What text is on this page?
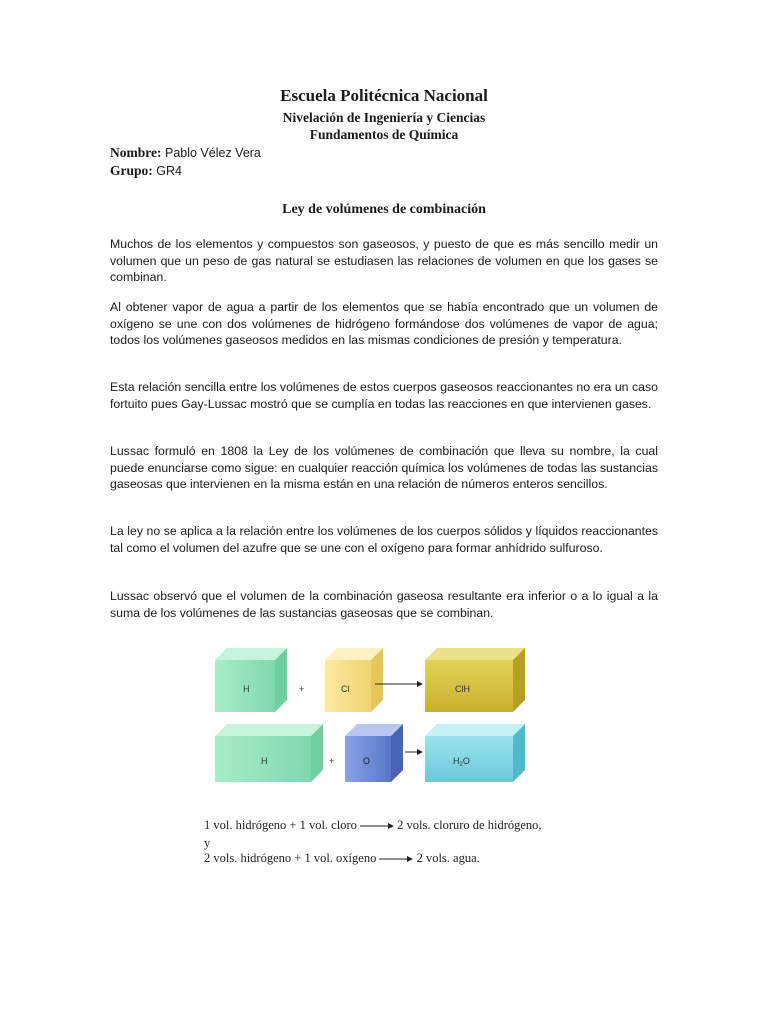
Escuela Politécnica Nacional
Nivelación de Ingeniería y Ciencias
Fundamentos de Química
Nombre: Pablo Vélez Vera
Grupo: GR4
Ley de volúmenes de combinación

Muchos de los elementos y compuestos son gaseosos, y puesto de que es más sencillo medir un volumen que un peso de gas natural se estudiasen las relaciones de volumen en que los gases se combinan.

Al obtener vapor de agua a partir de los elementos que se había encontrado que un volumen de oxígeno se une con dos volúmenes de hidrógeno formándose dos volúmenes de vapor de agua; todos los volúmenes gaseosos medidos en las mismas condiciones de presión y temperatura.

Esta relación sencilla entre los volúmenes de estos cuerpos gaseosos reaccionantes no era un caso fortuito pues Gay-Lussac mostró que se cumplía en todas las reacciones en que intervienen gases.

Lussac formuló en 1808 la Ley de los volúmenes de combinación que lleva su nombre, la cual puede enunciarse como sigue: en cualquier reacción química los volúmenes de todas las sustancias gaseosas que intervienen en la misma están en una relación de números enteros sencillos.

La ley no se aplica a la relación entre los volúmenes de los cuerpos sólidos y líquidos reaccionantes tal como el volumen del azufre que se une con el oxígeno para formar anhídrido sulfuroso.

Lussac observó que el volumen de la combinación gaseosa resultante era inferior o a lo igual a la suma de los volúmenes de las sustancias gaseosas que se combinan.

H	+	Cl	ClH
H	+	O	$H_2O$
1 vol. hidrógeno + 1 vol. cloro	2 vols. cloruro de hidrógeno,
y
2 vols. hidrógeno + 1 vol. oxígeno	2 vols. agua.
